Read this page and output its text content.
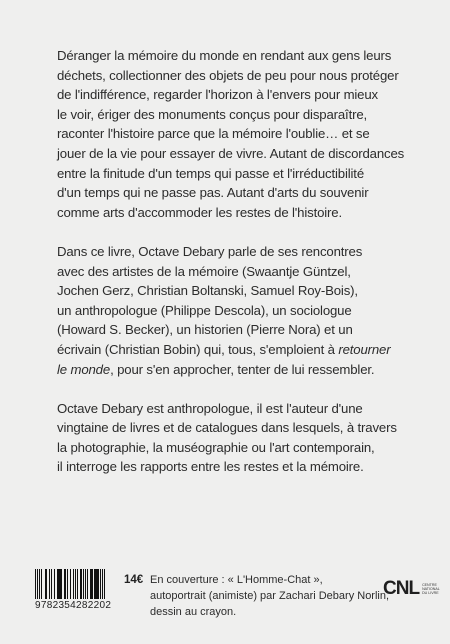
Déranger la mémoire du monde en rendant aux gens leurs
déchets, collectionner des objets de peu pour nous protéger
de l'indifférence, regarder l'horizon à l'envers pour mieux
le voir, ériger des monuments conçus pour disparaître,
raconter l'histoire parce que la mémoire l'oublie… et se
jouer de la vie pour essayer de vivre. Autant de discordances
entre la finitude d'un temps qui passe et l'irréductibilité
d'un temps qui ne passe pas. Autant d'arts du souvenir
comme arts d'accommoder les restes de l'histoire.

Dans ce livre, Octave Debary parle de ses rencontres
avec des artistes de la mémoire (Swaantje Güntzel,
Jochen Gerz, Christian Boltanski, Samuel Roy-Bois),
un anthropologue (Philippe Descola), un sociologue
(Howard S. Becker), un historien (Pierre Nora) et un
écrivain (Christian Bobin) qui, tous, s'emploient à retourner
le monde, pour s'en approcher, tenter de lui ressembler.

Octave Debary est anthropologue, il est l'auteur d'une
vingtaine de livres et de catalogues dans lesquels, à travers
la photographie, la muséographie ou l'art contemporain,
il interroge les rapports entre les restes et la mémoire.

9782354282202
14€ En couverture : « L'Homme-Chat »,
autoportrait (animiste) par Zachari Debary Norlin,
dessin au crayon.
CNL CENTRE
NATIONAL
DU LIVRE
